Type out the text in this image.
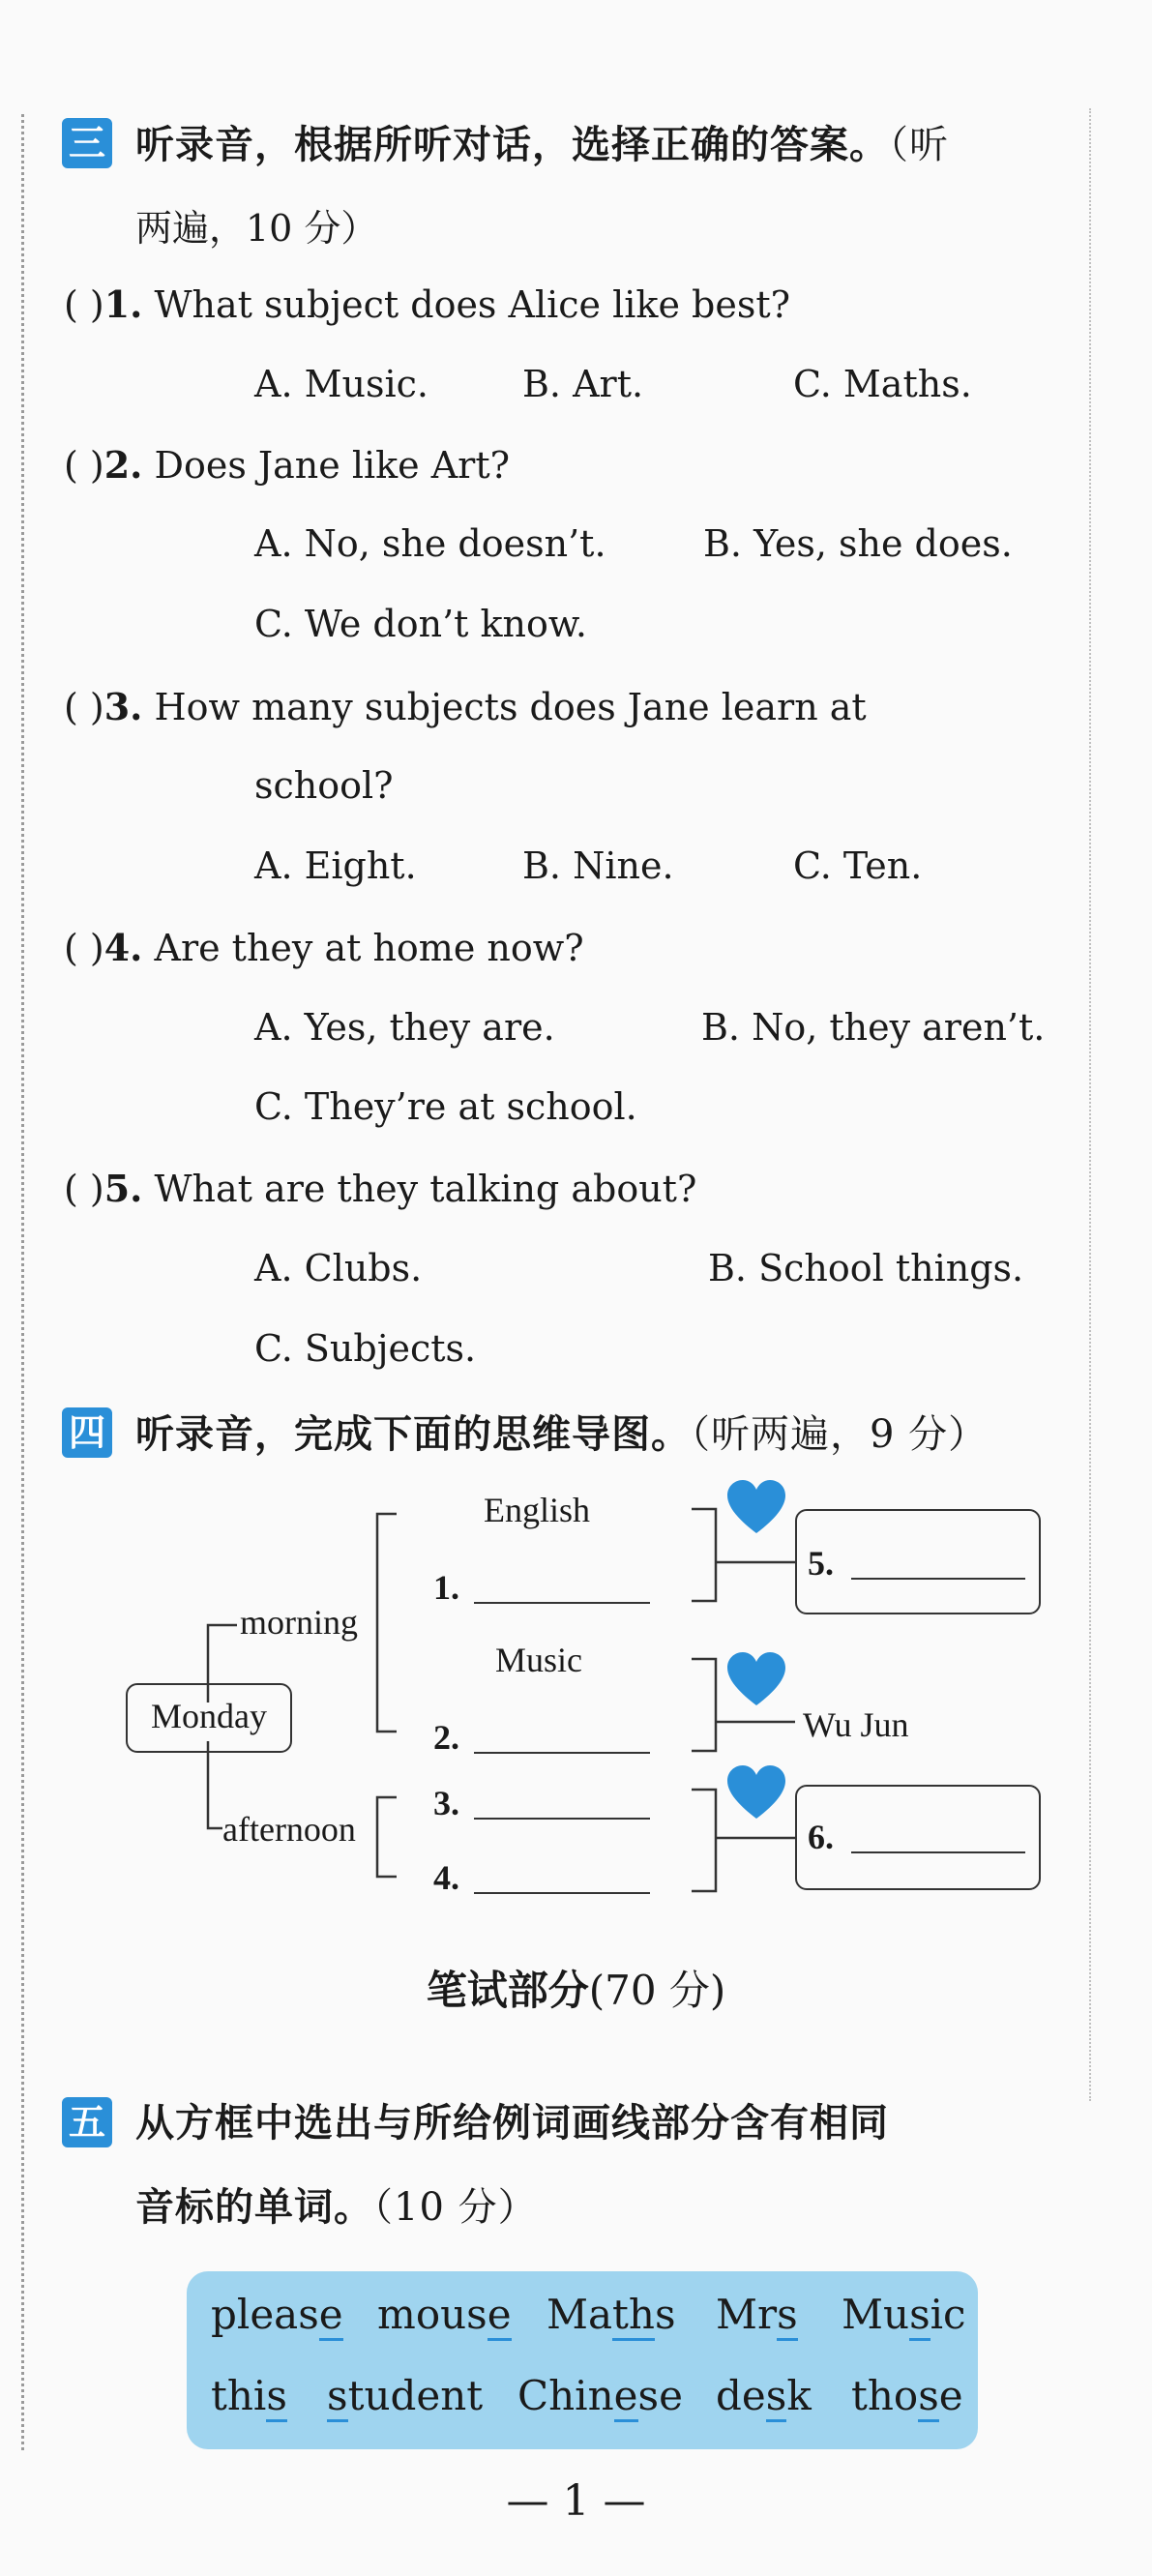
三 听录音，根据所听对话，选择正确的答案。（听
两遍，10 分）
( )1. What subject does Alice like best?
A. Music.	B. Art.	C. Maths.
( )2. Does Jane like Art?
A. No, she doesn’t.	B. Yes, she does.
C. We don’t know.
( )3. How many subjects does Jane learn at
school?
A. Eight.	B. Nine.	C. Ten.
( )4. Are they at home now?
A. Yes, they are.	B. No, they aren’t.
C. They’re at school.
( )5. What are they talking about?
A. Clubs.	B. School things.
C. Subjects.
四 听录音，完成下面的思维导图。（听两遍，9 分）
Monday
morning
afternoon
English
Music
Wu Jun
1.
2.
3.
4.
5.
6.
笔试部分(70 分)
五 从方框中选出与所给例词画线部分含有相同
音标的单词。（10 分）
please mouse Maths Mrs Music
this student Chinese desk those
— 1 —
